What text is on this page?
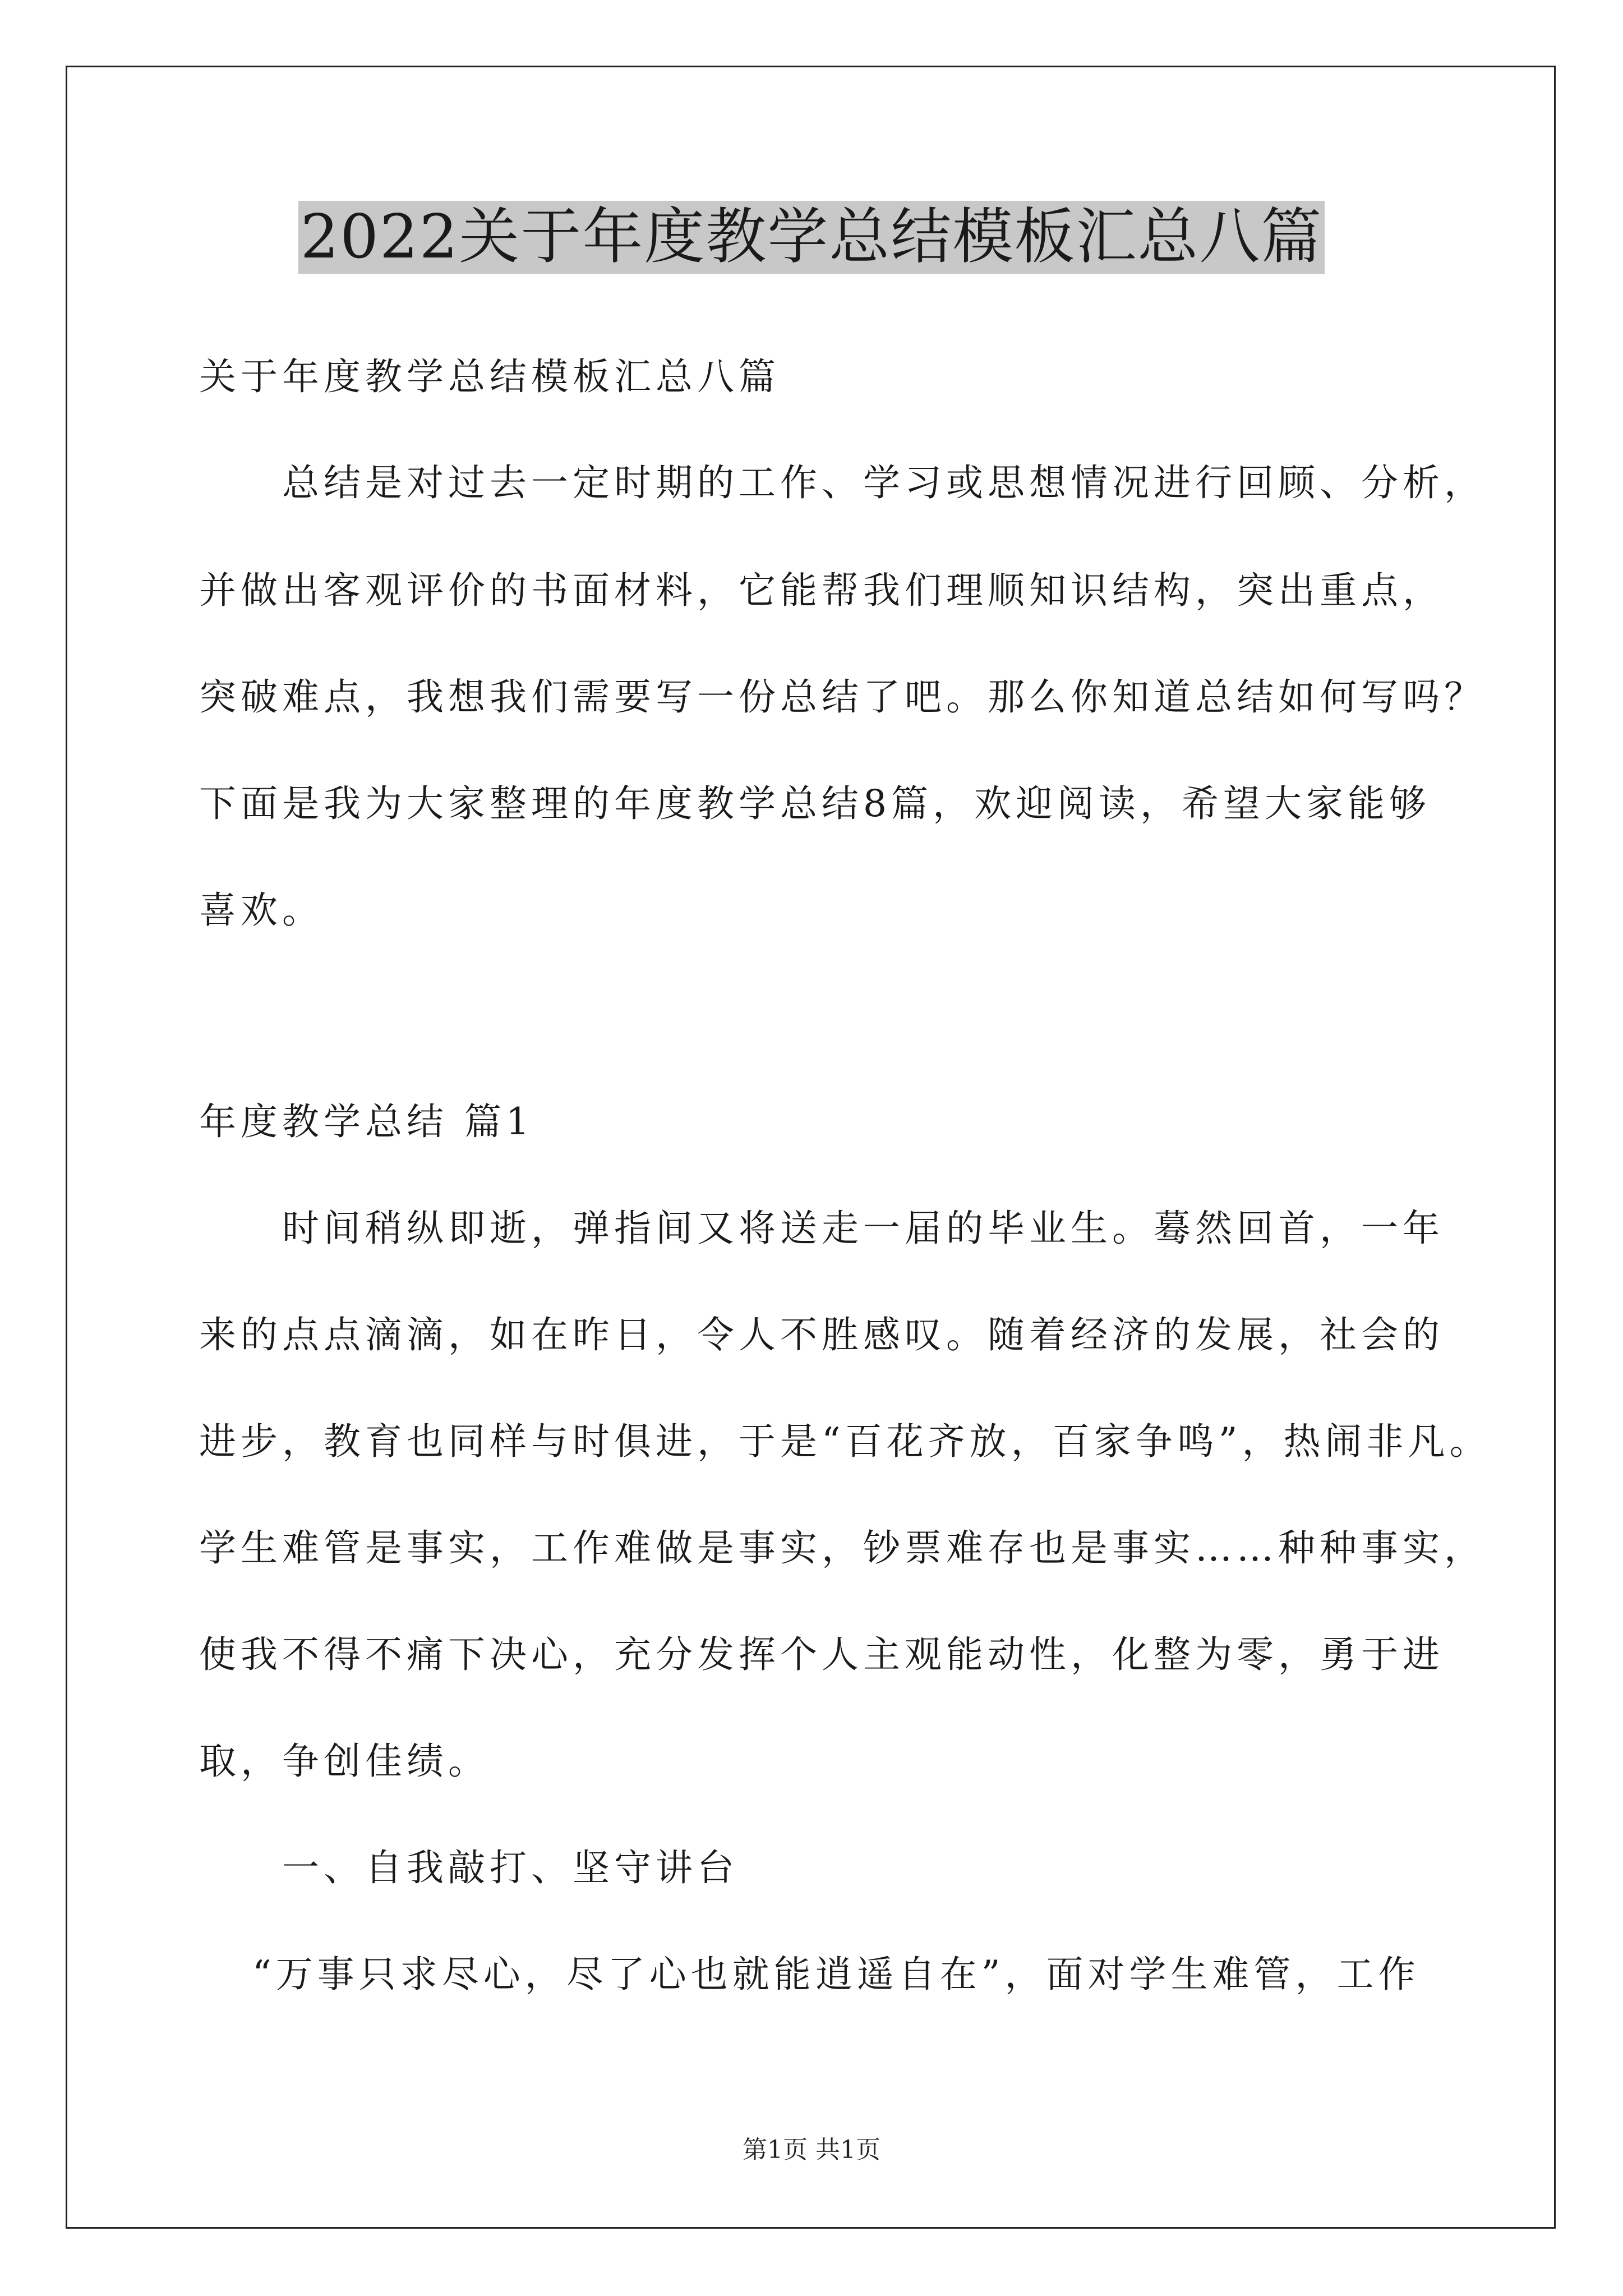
2022关于年度教学总结模板汇总八篇
关于年度教学总结模板汇总八篇
总结是对过去一定时期的工作、学习或思想情况进行回顾、分析，
并做出客观评价的书面材料，它能帮我们理顺知识结构，突出重点，
突破难点，我想我们需要写一份总结了吧。那么你知道总结如何写吗？
下面是我为大家整理的年度教学总结8篇，欢迎阅读，希望大家能够
喜欢。
年度教学总结 篇1
时间稍纵即逝，弹指间又将送走一届的毕业生。蓦然回首，一年
来的点点滴滴，如在昨日，令人不胜感叹。随着经济的发展，社会的
进步，教育也同样与时俱进，于是“百花齐放，百家争鸣”，热闹非凡。
学生难管是事实，工作难做是事实，钞票难存也是事实……种种事实，
使我不得不痛下决心，充分发挥个人主观能动性，化整为零，勇于进
取，争创佳绩。
一、自我敲打、坚守讲台
“万事只求尽心，尽了心也就能逍遥自在”，面对学生难管，工作
第1页 共1页
